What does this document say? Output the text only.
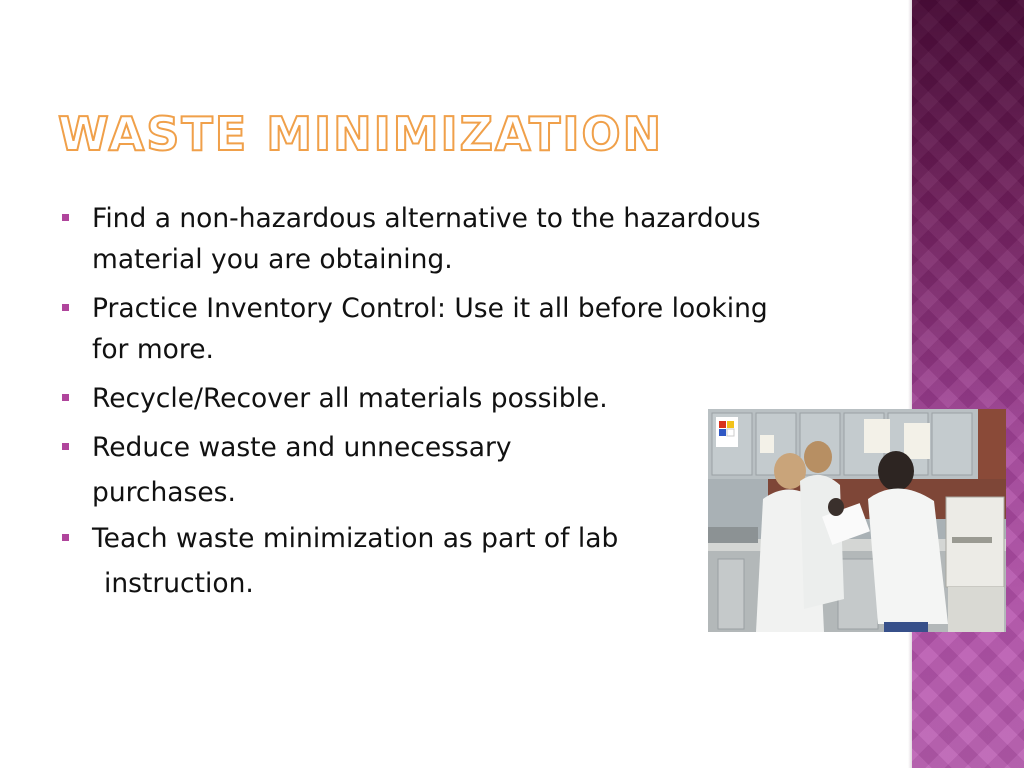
WASTE MINIMIZATION
Find a non-hazardous alternative to the hazardous
material you are obtaining.
Practice Inventory Control: Use it all before looking
for more.
Recycle/Recover all materials possible.
Reduce waste and unnecessary
purchases.
Teach waste minimization as part of lab
instruction.
